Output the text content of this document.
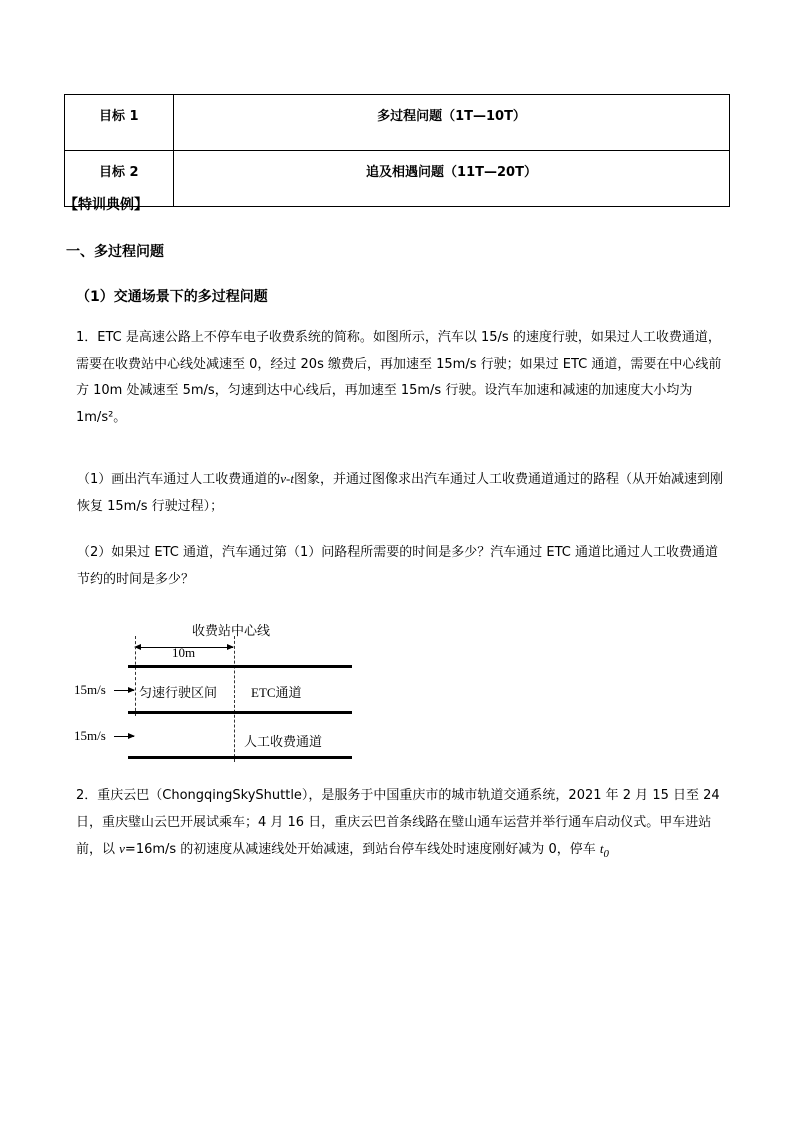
目标 1	多过程问题（1T—10T）
目标 2	追及相遇问题（11T—20T）
【特训典例】
一、多过程问题
（1）交通场景下的多过程问题
1．ETC 是高速公路上不停车电子收费系统的简称。如图所示，汽车以 15/s 的速度行驶，如果过人工收费通道，需要在收费站中心线处减速至 0，经过 20s 缴费后，再加速至 15m/s 行驶；如果过 ETC 通道，需要在中心线前方 10m 处减速至 5m/s，匀速到达中心线后，再加速至 15m/s 行驶。设汽车加速和减速的加速度大小均为 1m/s²。
（1）画出汽车通过人工收费通道的v-t图象，并通过图像求出汽车通过人工收费通道通过的路程（从开始减速到刚恢复 15m/s 行驶过程）；
（2）如果过 ETC 通道，汽车通过第（1）问路程所需要的时间是多少？汽车通过 ETC 通道比通过人工收费通道节约的时间是多少？
收费站中心线
10m
15m/s	匀速行驶区间	ETC通道
15m/s	人工收费通道
2．重庆云巴（ChongqingSkyShuttle），是服务于中国重庆市的城市轨道交通系统，2021 年 2 月 15 日至 24 日，重庆璧山云巴开展试乘车；4 月 16 日，重庆云巴首条线路在璧山通车运营并举行通车启动仪式。甲车进站前，以 v=16m/s 的初速度从减速线处开始减速，到站台停车线处时速度刚好减为 0，停车 $t_0$
